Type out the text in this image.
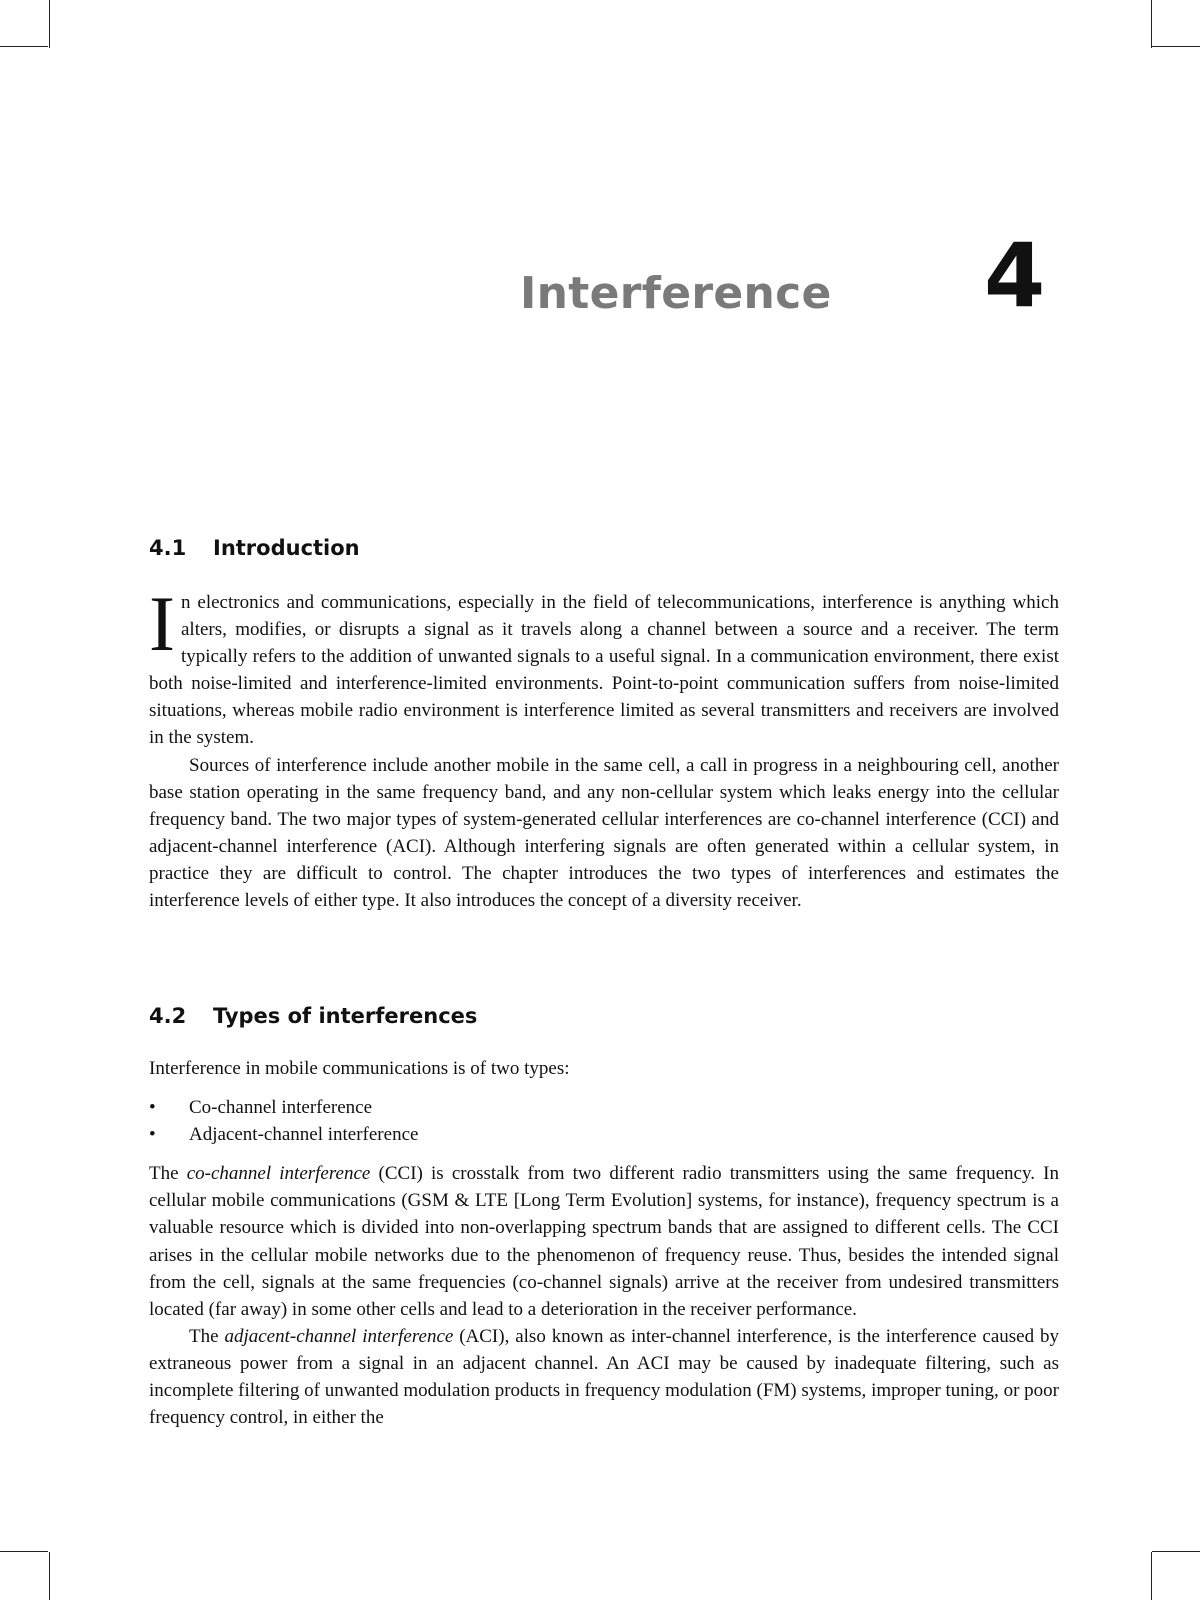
Interference 4
4.1 Introduction

In electronics and communications, especially in the field of telecommunications, interference is anything which alters, modifies, or disrupts a signal as it travels along a channel between a source and a receiver. The term typically refers to the addition of unwanted signals to a useful signal. In a communication environment, there exist both noise-limited and interference-limited environments. Point-to-point communication suffers from noise-limited situations, whereas mobile radio environment is interference limited as several transmitters and receivers are involved in the system.

Sources of interference include another mobile in the same cell, a call in progress in a neighbouring cell, another base station operating in the same frequency band, and any non-cellular system which leaks energy into the cellular frequency band. The two major types of system-generated cellular interferences are co-channel interference (CCI) and adjacent-channel interference (ACI). Although interfering signals are often generated within a cellular system, in practice they are difficult to control. The chapter introduces the two types of interferences and estimates the interference levels of either type. It also introduces the concept of a diversity receiver.

4.2 Types of interferences

Interference in mobile communications is of two types:

• Co-channel interference
• Adjacent-channel interference

The co-channel interference (CCI) is crosstalk from two different radio transmitters using the same frequency. In cellular mobile communications (GSM & LTE [Long Term Evolution] systems, for instance), frequency spectrum is a valuable resource which is divided into non-overlapping spectrum bands that are assigned to different cells. The CCI arises in the cellular mobile networks due to the phenomenon of frequency reuse. Thus, besides the intended signal from the cell, signals at the same frequencies (co-channel signals) arrive at the receiver from undesired transmitters located (far away) in some other cells and lead to a deterioration in the receiver performance.

The adjacent-channel interference (ACI), also known as inter-channel interference, is the interference caused by extraneous power from a signal in an adjacent channel. An ACI may be caused by inadequate filtering, such as incomplete filtering of unwanted modulation products in frequency modulation (FM) systems, improper tuning, or poor frequency control, in either the
